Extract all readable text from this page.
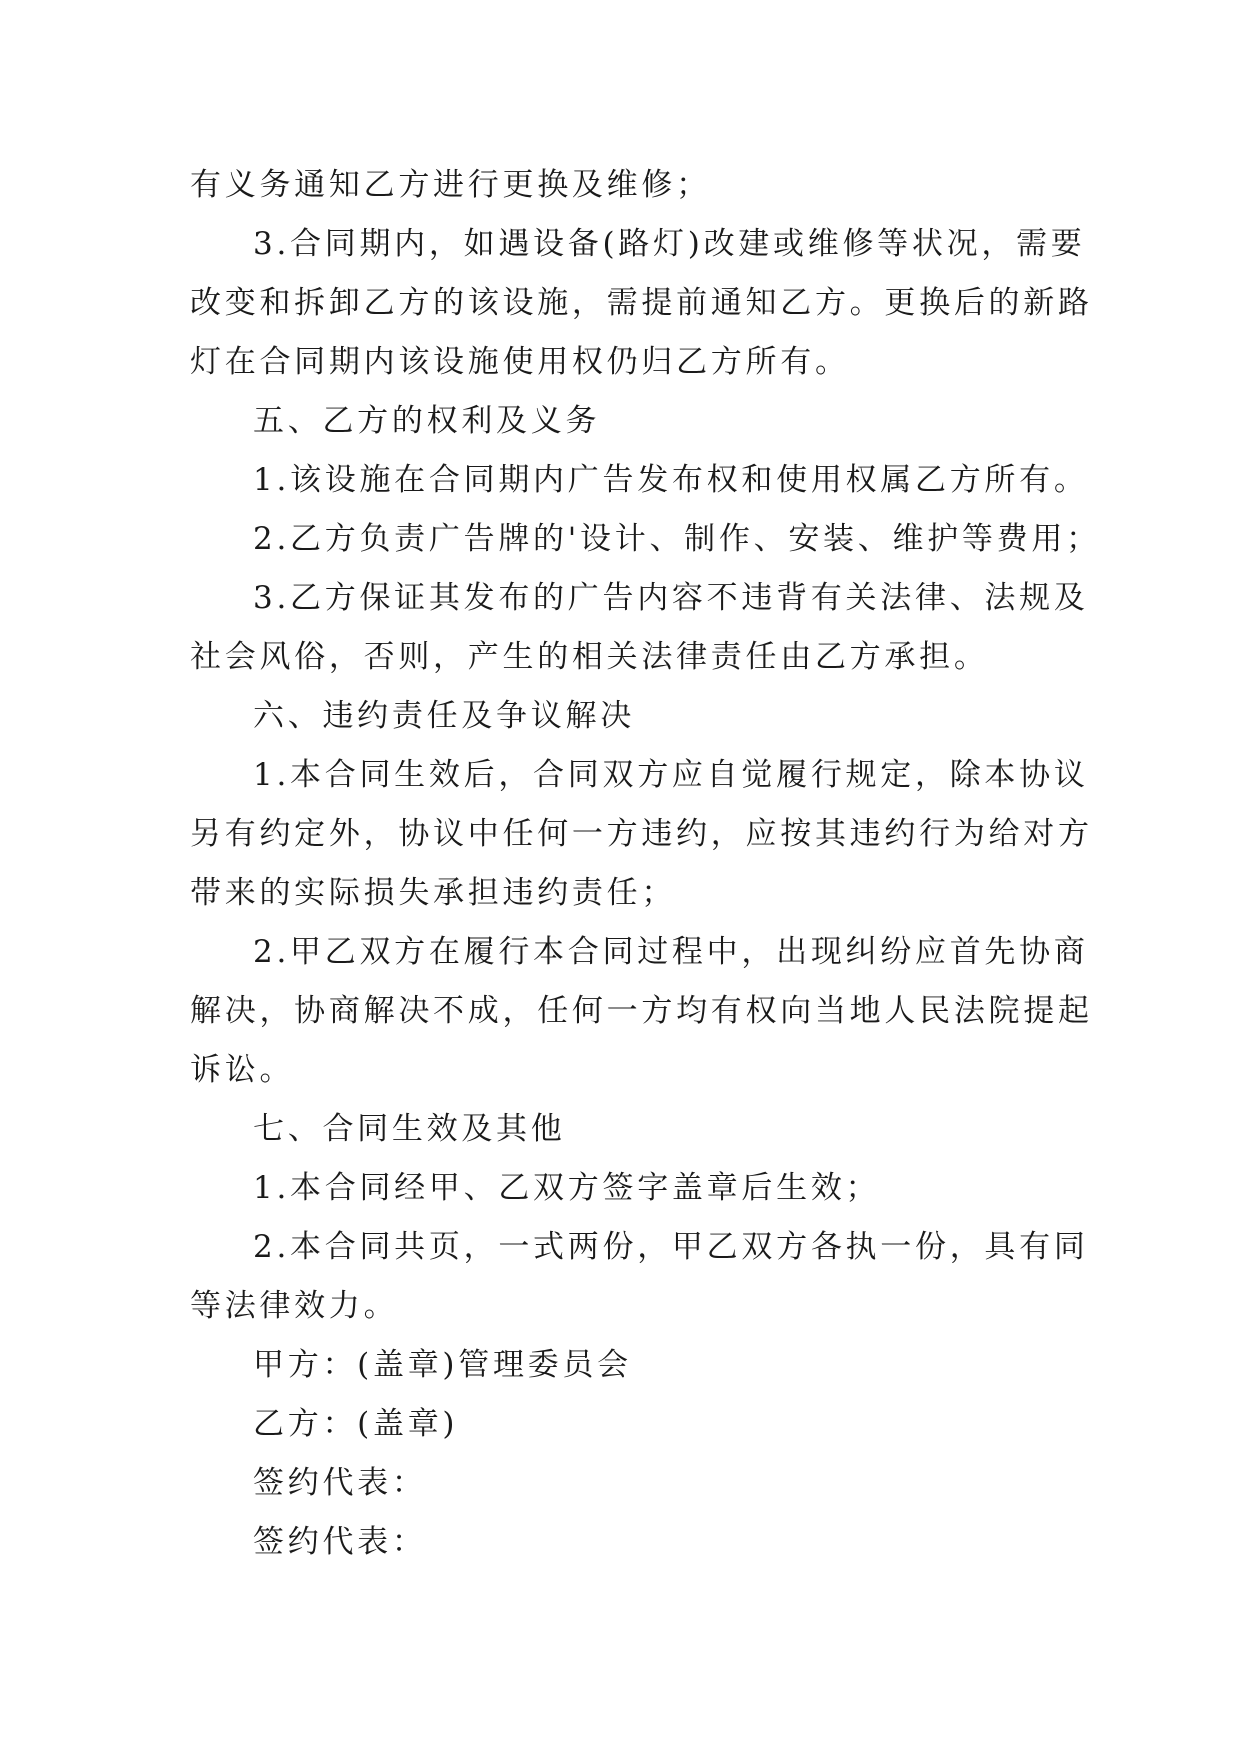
有义务通知乙方进行更换及维修；
3.合同期内，如遇设备(路灯)改建或维修等状况，需要
改变和拆卸乙方的该设施，需提前通知乙方。更换后的新路
灯在合同期内该设施使用权仍归乙方所有。
五、乙方的权利及义务
1.该设施在合同期内广告发布权和使用权属乙方所有。
2.乙方负责广告牌的'设计、制作、安装、维护等费用；
3.乙方保证其发布的广告内容不违背有关法律、法规及
社会风俗，否则，产生的相关法律责任由乙方承担。
六、违约责任及争议解决
1.本合同生效后，合同双方应自觉履行规定，除本协议
另有约定外，协议中任何一方违约，应按其违约行为给对方
带来的实际损失承担违约责任；
2.甲乙双方在履行本合同过程中，出现纠纷应首先协商
解决，协商解决不成，任何一方均有权向当地人民法院提起
诉讼。
七、合同生效及其他
1.本合同经甲、乙双方签字盖章后生效；
2.本合同共页，一式两份，甲乙双方各执一份，具有同
等法律效力。
甲方：(盖章)管理委员会
乙方：(盖章)
签约代表：
签约代表：
